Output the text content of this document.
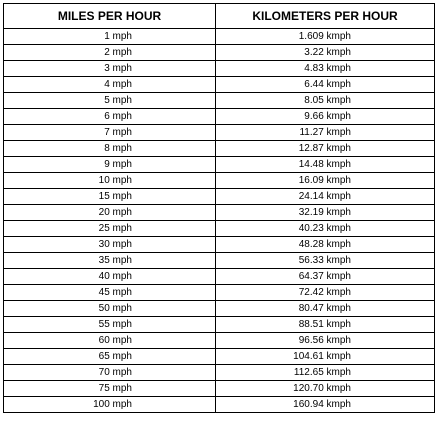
MILES PER HOUR	KILOMETERS PER HOUR
1 mph	1.609 kmph
2 mph	3.22 kmph
3 mph	4.83 kmph
4 mph	6.44 kmph
5 mph	8.05 kmph
6 mph	9.66 kmph
7 mph	11.27 kmph
8 mph	12.87 kmph
9 mph	14.48 kmph
10 mph	16.09 kmph
15 mph	24.14 kmph
20 mph	32.19 kmph
25 mph	40.23 kmph
30 mph	48.28 kmph
35 mph	56.33 kmph
40 mph	64.37 kmph
45 mph	72.42 kmph
50 mph	80.47 kmph
55 mph	88.51 kmph
60 mph	96.56 kmph
65 mph	104.61 kmph
70 mph	112.65 kmph
75 mph	120.70 kmph
100 mph	160.94 kmph
